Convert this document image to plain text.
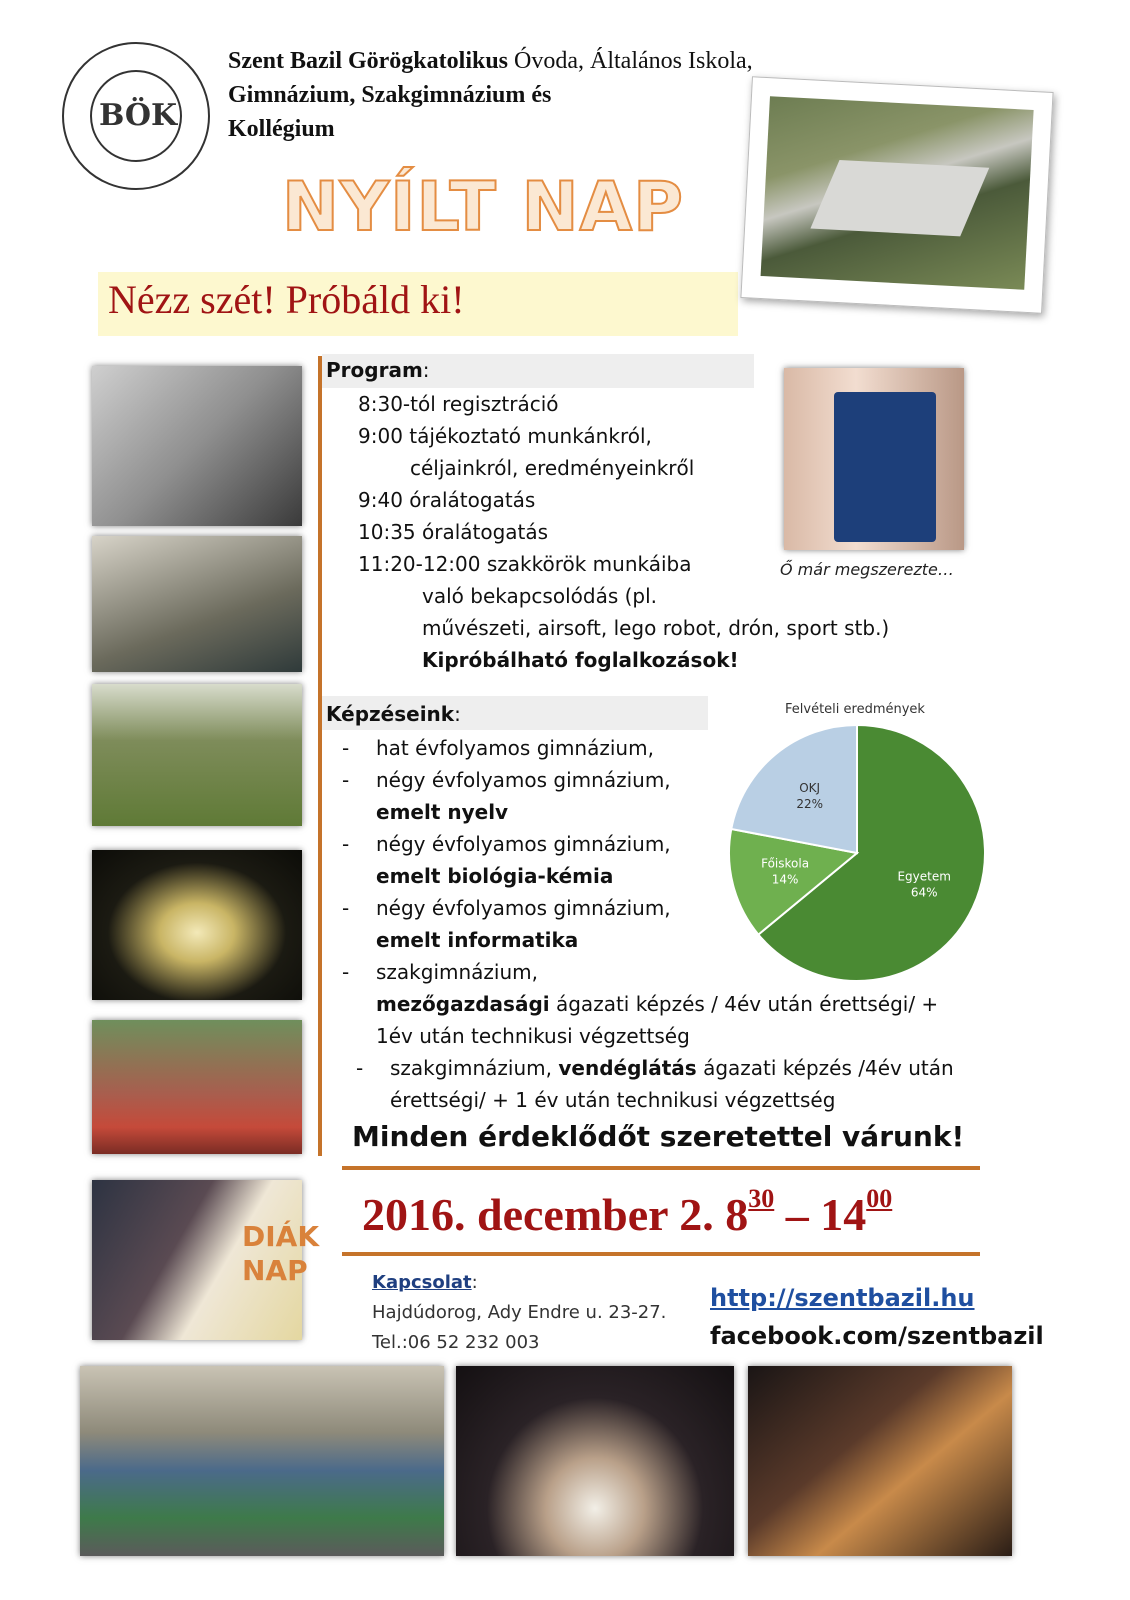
BÖK
Szent Bazil Görögkatolikus Óvoda, Általános Iskola,
Gimnázium, Szakgimnázium és
Kollégium
NYÍLT NAP
Nézz szét! Próbáld ki!
DIÁK NAP
Program:
8:30-tól regisztráció
9:00 tájékoztató munkánkról,
céljainkról, eredményeinkről
9:40 óralátogatás
10:35 óralátogatás
11:20-12:00 szakkörök munkáiba
való bekapcsolódás (pl.
művészeti, airsoft, lego robot, drón, sport stb.)
Kipróbálható foglalkozások!
Ő már megszerezte…
Képzéseink:
- hat évfolyamos gimnázium,
- négy évfolyamos gimnázium,
emelt nyelv
- négy évfolyamos gimnázium,
emelt biológia-kémia
- négy évfolyamos gimnázium,
emelt informatika
- szakgimnázium,
mezőgazdasági ágazati képzés / 4év után érettségi/ +
1év után technikusi végzettség
- szakgimnázium, vendéglátás ágazati képzés /4év után
érettségi/ + 1 év után technikusi végzettség
Felvételi eredmények
Egyetem
64%
Főiskola
14%
OKJ
22%
Minden érdeklődőt szeretettel várunk!
2016. december 2. $8^{30} - 14^{00}$
Kapcsolat:
Hajdúdorog, Ady Endre u. 23-27.
Tel.:06 52 232 003
http://szentbazil.hu
facebook.com/szentbazil
